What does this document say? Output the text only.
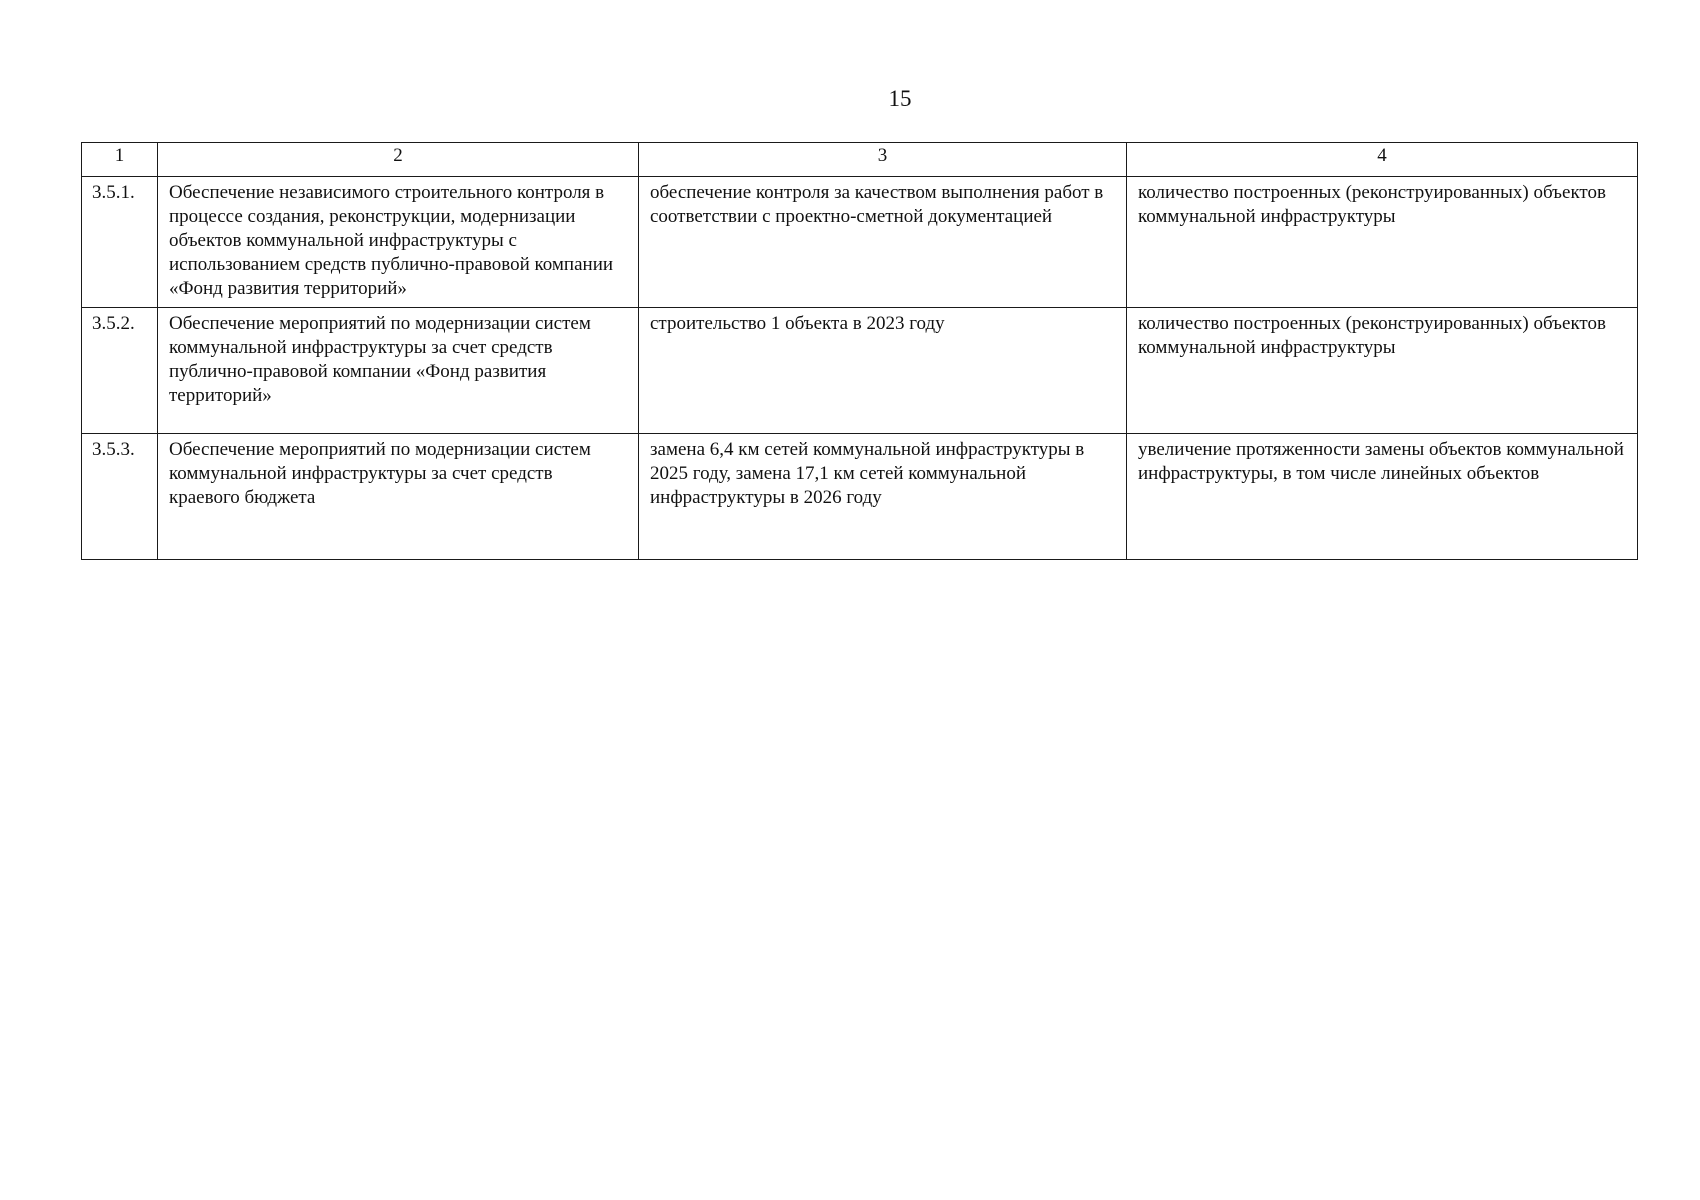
15
1	2	3	4
3.5.1.	Обеспечение независимого строительного контроля в процессе создания, реконструкции, модернизации объектов коммунальной инфраструктуры с использованием средств публично-правовой компании «Фонд развития территорий»	обеспечение контроля за качеством выполнения работ в соответствии с проектно-сметной документацией	количество построенных (реконструированных) объектов коммунальной инфраструктуры
3.5.2.	Обеспечение мероприятий по модернизации систем коммунальной инфраструктуры за счет средств публично-правовой компании «Фонд развития территорий»	строительство 1 объекта в 2023 году	количество построенных (реконструированных) объектов коммунальной инфраструктуры
3.5.3.	Обеспечение мероприятий по модернизации систем коммунальной инфраструктуры за счет средств краевого бюджета	замена 6,4 км сетей коммунальной инфраструктуры в 2025 году, замена 17,1 км сетей коммунальной инфраструктуры в 2026 году	увеличение протяженности замены объектов коммунальной инфраструктуры, в том числе линейных объектов
